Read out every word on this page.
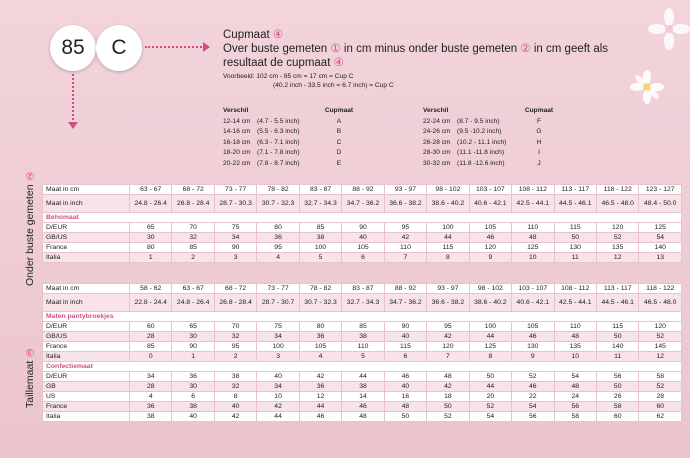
85 C
Cupmaat ④
Over buste gemeten ① in cm minus onder buste gemeten ② in cm geeft als
resultaat de cupmaat ④
Voorbeeld: 102 cm - 85 cm = 17 cm = Cup C
(40.2 inch - 33.5 inch = 6.7 inch) = Cup C
Verschil		Cupmaat
12-14 cm	(4.7 - 5.5 inch)	A
14-16 cm	(5.5 - 6.3 inch)	B
16-18 cm	(6.3 - 7.1 inch)	C
18-20 cm	(7.1 - 7.8 inch)	D
20-22 cm	(7.8 - 8.7 inch)	E
Verschil		Cupmaat
22-24 cm	(8.7 - 9.5 inch)	F
24-26 cm	(9.5 -10.2 inch)	G
26-28 cm	(10.2 - 11.1 inch)	H
28-30 cm	(11.1 -11.8 inch)	I
30-32 cm	(11.8 -12.6 inch)	J
Onder buste gemeten ②
Taillemaat ③
Maat in cm	63 - 67	68 - 72	73 - 77	78 - 82	83 - 87	88 - 92	93 - 97	98 - 102	103 - 107	108 - 112	113 - 117	118 - 122	123 - 127
Maat in inch	24.8 - 26.4	26.8 - 28.4	28.7 - 30.3	30.7 - 32.3	32.7 - 34.3	34.7 - 36.2	36.6 - 38.2	38.6 - 40.2	40.6 - 42.1	42.5 - 44.1	44.5 - 46.1	46.5 - 48.0	48.4 - 50.0
Behomaat													
D/EUR	65	70	75	80	85	90	95	100	105	110	115	120	125
GB/US	30	32	34	36	38	40	42	44	46	48	50	52	54
France	80	85	90	95	100	105	110	115	120	125	130	135	140
Italia	1	2	3	4	5	6	7	8	9	10	11	12	13
Maat in cm	58 - 62	63 - 67	68 - 72	73 - 77	78 - 82	83 - 87	88 - 92	93 - 97	98 - 102	103 - 107	108 - 112	113 - 117	118 - 122
Maat in inch	22.8 - 24.4	24.8 - 26.4	26.8 - 28.4	28.7 - 30.7	30.7 - 32.3	32.7 - 34.3	34.7 - 36.2	36.6 - 38.2	38.6 - 40.2	40.6 - 42.1	42.5 - 44.1	44.5 - 46.1	46.5 - 48.0
Maten pantybroekjes													
D/EUR	60	65	70	75	80	85	90	95	100	105	110	115	120
GB/US	28	30	32	34	36	38	40	42	44	46	48	50	52
France	85	90	95	100	105	110	115	120	125	130	135	140	145
Italia	0	1	2	3	4	5	6	7	8	9	10	11	12
Confectiemaat													
D/EUR	34	36	38	40	42	44	46	48	50	52	54	56	58
GB	28	30	32	34	36	38	40	42	44	46	48	50	52
US	4	6	8	10	12	14	16	18	20	22	24	26	28
France	36	38	40	42	44	46	48	50	52	54	56	58	60
Italia	38	40	42	44	46	48	50	52	54	56	58	60	62
